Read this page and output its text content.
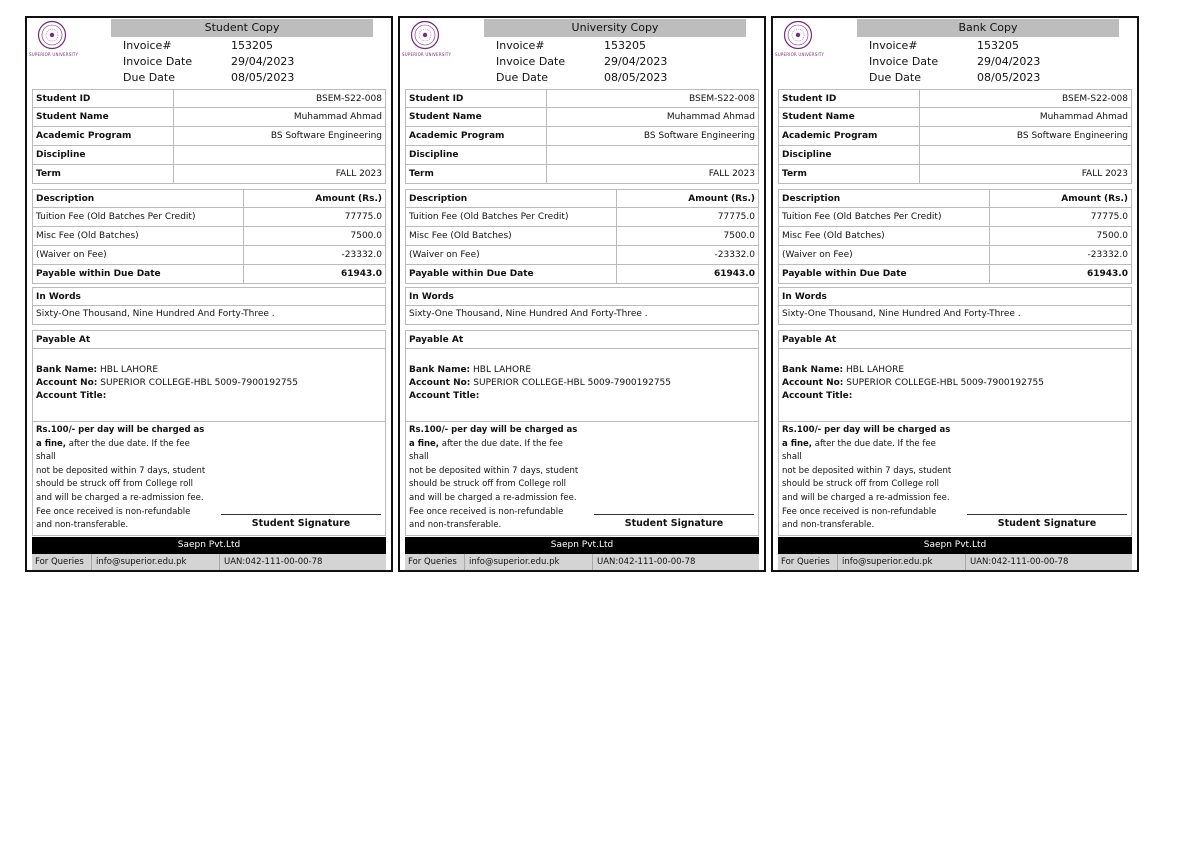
SUPERIOR UNIVERSITY
Student Copy
Invoice#	153205
Invoice Date	29/04/2023
Due Date	08/05/2023
Student ID	BSEM-S22-008
Student Name	Muhammad Ahmad
Academic Program	BS Software Engineering
Discipline
Term	FALL 2023
Description	Amount (Rs.)
Tuition Fee (Old Batches Per Credit)	77775.0
Misc Fee (Old Batches)	7500.0
(Waiver on Fee)	-23332.0
Payable within Due Date	61943.0
In Words
Sixty-One Thousand, Nine Hundred And Forty-Three .
Payable At
Bank Name: HBL LAHORE
Account No: SUPERIOR COLLEGE-HBL 5009-7900192755
Account Title:
Rs.100/- per day will be charged as
a fine, after the due date. If the fee
shall
not be deposited within 7 days, student
should be struck off from College roll
and will be charged a re-admission fee.
Fee once received is non-refundable
and non-transferable.	Student Signature
Saepn Pvt.Ltd
For Queries info@superior.edu.pk	UAN:042-111-00-00-78
SUPERIOR UNIVERSITY
University Copy
Invoice#	153205
Invoice Date	29/04/2023
Due Date	08/05/2023
Student ID	BSEM-S22-008
Student Name	Muhammad Ahmad
Academic Program	BS Software Engineering
Discipline
Term	FALL 2023
Description	Amount (Rs.)
Tuition Fee (Old Batches Per Credit)	77775.0
Misc Fee (Old Batches)	7500.0
(Waiver on Fee)	-23332.0
Payable within Due Date	61943.0
In Words
Sixty-One Thousand, Nine Hundred And Forty-Three .
Payable At
Bank Name: HBL LAHORE
Account No: SUPERIOR COLLEGE-HBL 5009-7900192755
Account Title:
Rs.100/- per day will be charged as
a fine, after the due date. If the fee
shall
not be deposited within 7 days, student
should be struck off from College roll
and will be charged a re-admission fee.
Fee once received is non-refundable
and non-transferable.	Student Signature
Saepn Pvt.Ltd
For Queries info@superior.edu.pk	UAN:042-111-00-00-78
SUPERIOR UNIVERSITY
Bank Copy
Invoice#	153205
Invoice Date	29/04/2023
Due Date	08/05/2023
Student ID	BSEM-S22-008
Student Name	Muhammad Ahmad
Academic Program	BS Software Engineering
Discipline
Term	FALL 2023
Description	Amount (Rs.)
Tuition Fee (Old Batches Per Credit)	77775.0
Misc Fee (Old Batches)	7500.0
(Waiver on Fee)	-23332.0
Payable within Due Date	61943.0
In Words
Sixty-One Thousand, Nine Hundred And Forty-Three .
Payable At
Bank Name: HBL LAHORE
Account No: SUPERIOR COLLEGE-HBL 5009-7900192755
Account Title:
Rs.100/- per day will be charged as
a fine, after the due date. If the fee
shall
not be deposited within 7 days, student
should be struck off from College roll
and will be charged a re-admission fee.
Fee once received is non-refundable
and non-transferable.	Student Signature
Saepn Pvt.Ltd
For Queries info@superior.edu.pk	UAN:042-111-00-00-78
